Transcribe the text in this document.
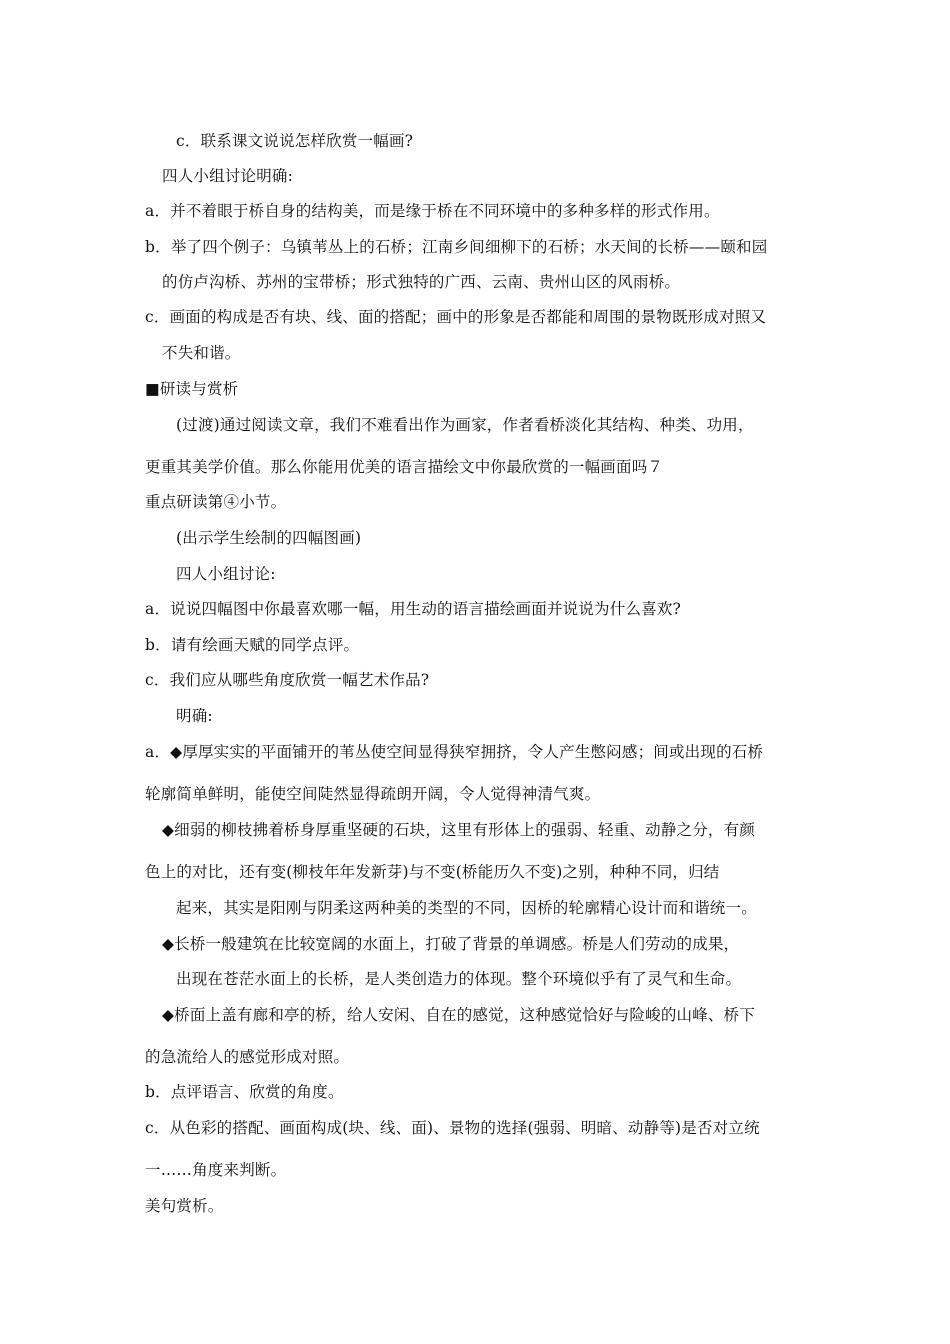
c．联系课文说说怎样欣赏一幅画?
四人小组讨论明确:
a．并不着眼于桥自身的结构美，而是缘于桥在不同环境中的多种多样的形式作用。
b．举了四个例子：乌镇苇丛上的石桥；江南乡间细柳下的石桥；水天间的长桥——颐和园
的仿卢沟桥、苏州的宝带桥；形式独特的广西、云南、贵州山区的风雨桥。
c．画面的构成是否有块、线、面的搭配；画中的形象是否都能和周围的景物既形成对照又
不失和谐。
■研读与赏析
(过渡)通过阅读文章，我们不难看出作为画家，作者看桥淡化其结构、种类、功用，
更重其美学价值。那么你能用优美的语言描绘文中你最欣赏的一幅画面吗７
重点研读第④小节。
(出示学生绘制的四幅图画)
四人小组讨论:
a．说说四幅图中你最喜欢哪一幅，用生动的语言描绘画面并说说为什么喜欢?
b．请有绘画天赋的同学点评。
c．我们应从哪些角度欣赏一幅艺术作品?
明确:
a．◆厚厚实实的平面铺开的苇丛使空间显得狭窄拥挤，令人产生憋闷感；间或出现的石桥
轮廓简单鲜明，能使空间陡然显得疏朗开阔，令人觉得神清气爽。
◆细弱的柳枝拂着桥身厚重坚硬的石块，这里有形体上的强弱、轻重、动静之分，有颜
色上的对比，还有变(柳枝年年发新芽)与不变(桥能历久不变)之别，种种不同，归结
起来，其实是阳刚与阴柔这两种美的类型的不同，因桥的轮廓精心设计而和谐统一。
◆长桥一般建筑在比较宽阔的水面上，打破了背景的单调感。桥是人们劳动的成果，
出现在苍茫水面上的长桥，是人类创造力的体现。整个环境似乎有了灵气和生命。
◆桥面上盖有廊和亭的桥，给人安闲、自在的感觉，这种感觉恰好与险峻的山峰、桥下
的急流给人的感觉形成对照。
b．点评语言、欣赏的角度。
c．从色彩的搭配、画面构成(块、线、面)、景物的选择(强弱、明暗、动静等)是否对立统
一……角度来判断。
美句赏析。
